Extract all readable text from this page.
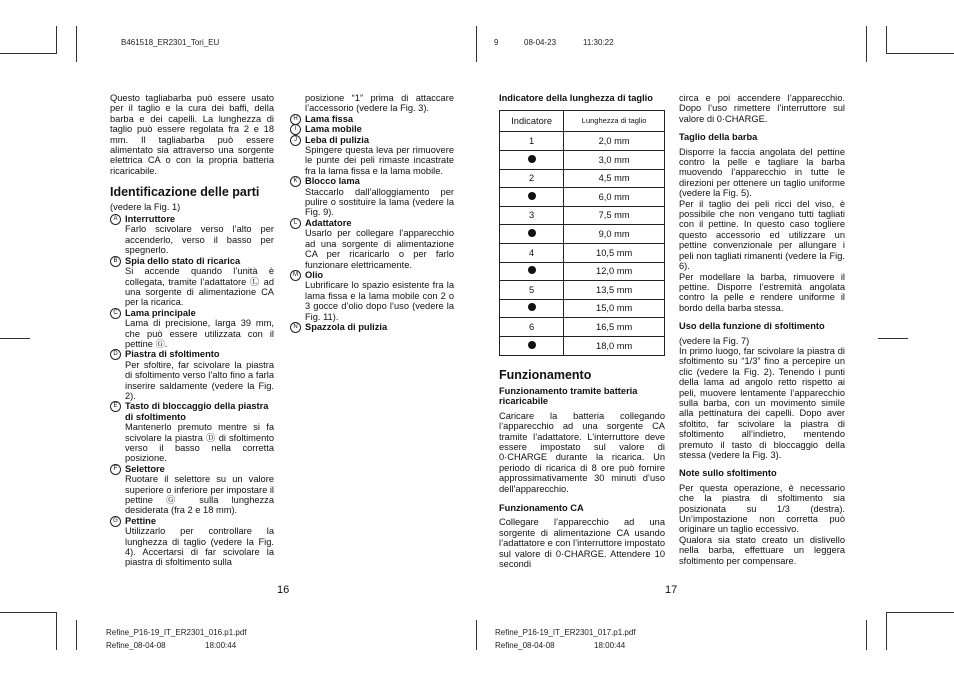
B461518_ER2301_Tori_EU	9	08-04-23	11:30:22

Questo tagliabarba può essere usato per il taglio e la cura dei baffi, della barba e dei capelli. La lunghezza di taglio può essere regolata fra 2 e 18 mm. Il tagliabarba può essere alimentato sia attraverso una sorgente elettrica CA o con la propria batteria ricaricabile.

Identificazione delle parti

(vedere la Fig. 1)

A Interruttore
Farlo scivolare verso l’alto per accenderlo, verso il basso per spegnerlo.
B Spia dello stato di ricarica
Si accende quando l’unità è collegata, tramite l’adattatore Ⓛ ad una sorgente di alimentazione CA per la ricarica.
C Lama principale
Lama di precisione, larga 39 mm, che può essere utilizzata con il pettine Ⓖ.
D Piastra di sfoltimento
Per sfoltire, far scivolare la piastra di sfoltimento verso l’alto fino a farla inserire saldamente (vedere la Fig. 2).
E Tasto di bloccaggio della piastra di sfoltimento
Mantenerlo premuto mentre si fa scivolare la piastra Ⓓ di sfoltimento verso il basso nella corretta posizione.
F Selettore
Ruotare il selettore su un valore superiore o inferiore per impostare il pettine Ⓖ sulla lunghezza desiderata (fra 2 e 18 mm).
G Pettine
Utilizzarlo per controllare la lunghezza di taglio (vedere la Fig. 4). Accertarsi di far scivolare la piastra di sfoltimento sulla

posizione “1” prima di attaccare l’accessorio (vedere la Fig. 3).

H Lama fissa
I Lama mobile
J Leba di pulizia
Spingere questa leva per rimuovere le punte dei peli rimaste incastrate fra la lama fissa e la lama mobile.
K Blocco lama
Staccarlo dall’alloggiamento per pulire o sostituire la lama (vedere la Fig. 9).
L Adattatore
Usarlo per collegare l’apparecchio ad una sorgente di alimentazione CA per ricaricarlo o per farlo funzionare elettricamente.
M Olio
Lubrificare lo spazio esistente fra la lama fissa e la lama mobile con 2 o 3 gocce d’olio dopo l’uso (vedere la Fig. 11).
N Spazzola di pulizia
Indicatore della lunghezza di taglio
Indicatore	Lunghezza di taglio
1	2,0 mm
	3,0 mm
2	4,5 mm
	6,0 mm
3	7,5 mm
	9,0 mm
4	10,5 mm
	12,0 mm
5	13,5 mm
	15,0 mm
6	16,5 mm
	18,0 mm
Funzionamento
Funzionamento tramite batteria ricaricabile

Caricare la batteria collegando l’apparecchio ad una sorgente CA tramite l’adattatore. L’interruttore deve essere impostato sul valore di 0·CHARGE durante la ricarica. Un periodo di ricarica di 8 ore può fornire approssimativamente 30 minuti d’uso dell’apparecchio.

Funzionamento CA

Collegare l’apparecchio ad una sorgente di alimentazione CA usando l’adattatore e con l’interruttore impostato sul valore di 0·CHARGE. Attendere 10 secondi

circa e poi accendere l’apparecchio. Dopo l’uso rimettere l’interruttore sul valore di 0·CHARGE.

Taglio della barba

Disporre la faccia angolata del pettine contro la pelle e tagliare la barba muovendo l’apparecchio in tutte le direzioni per ottenere un taglio uniforme (vedere la Fig. 5).

Per il taglio dei peli ricci del viso, è possibile che non vengano tutti tagliati con il pettine. In questo caso togliere questo accessorio ed utilizzare un pettine convenzionale per allungare i peli non tagliati rimanenti (vedere la Fig. 6).

Per modellare la barba, rimuovere il pettine. Disporre l’estremità angolata contro la pelle e rendere uniforme il bordo della barba stessa.

Uso della funzione di sfoltimento

(vedere la Fig. 7)

In primo luogo, far scivolare la piastra di sfoltimento su “1/3” fino a percepire un clic (vedere la Fig. 2). Tenendo i punti della lama ad angolo retto rispetto ai peli, muovere lentamente l’apparecchio sulla barba, con un movimento simile alla pettinatura dei capelli. Dopo aver sfoltito, far scivolare la piastra di sfoltimento all’indietro, mentendo premuto il tasto di bloccaggio della stessa (vedere la Fig. 3).

Note sullo sfoltimento

Per questa operazione, è necessario che la piastra di sfoltimento sia posizionata su 1/3 (destra). Un’impostazione non corretta può originare un taglio eccessivo.

Qualora sia stato creato un dislivello nella barba, effettuare un leggera sfoltimento per compensare.

16	17
Refine_P16-19_IT_ER2301_016.p1.pdf
Refine_08-04-08	18:00:44
Refine_P16-19_IT_ER2301_017.p1.pdf
Refine_08-04-08	18:00:44
